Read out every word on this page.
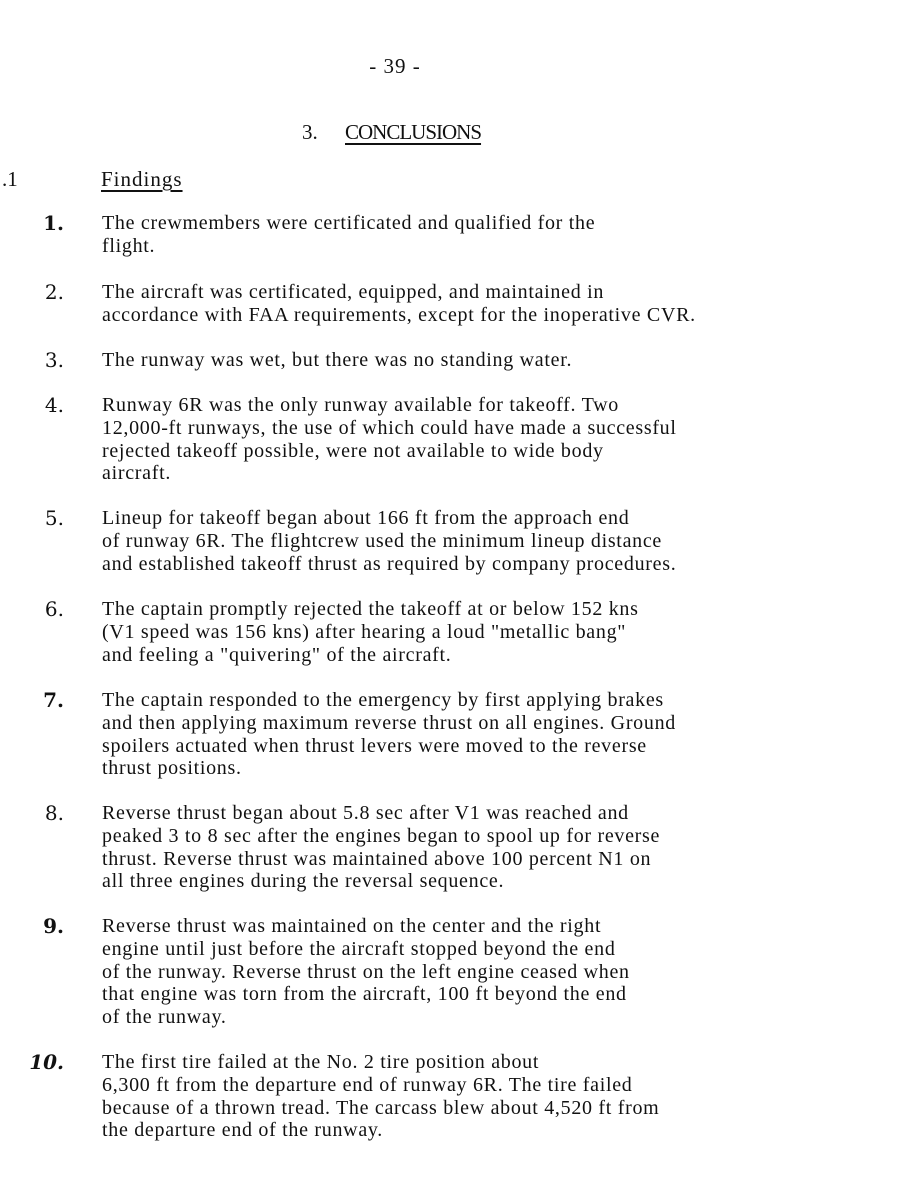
- 39 -
3. CONCLUSIONS
.1	Findings
1. The crewmembers were certificated and qualified for the
flight.
2. The aircraft was certificated, equipped, and maintained in
accordance with FAA requirements, except for the inoperative CVR.
3. The runway was wet, but there was no standing water.
4. Runway 6R was the only runway available for takeoff. Two
12,000-ft runways, the use of which could have made a successful
rejected takeoff possible, were not available to wide body
aircraft.
5. Lineup for takeoff began about 166 ft from the approach end
of runway 6R. The flightcrew used the minimum lineup distance
and established takeoff thrust as required by company procedures.
6. The captain promptly rejected the takeoff at or below 152 kns
(V1 speed was 156 kns) after hearing a loud "metallic bang"
and feeling a "quivering" of the aircraft.
7. The captain responded to the emergency by first applying brakes
and then applying maximum reverse thrust on all engines. Ground
spoilers actuated when thrust levers were moved to the reverse
thrust positions.
8. Reverse thrust began about 5.8 sec after V1 was reached and
peaked 3 to 8 sec after the engines began to spool up for reverse
thrust. Reverse thrust was maintained above 100 percent N1 on
all three engines during the reversal sequence.
9. Reverse thrust was maintained on the center and the right
engine until just before the aircraft stopped beyond the end
of the runway. Reverse thrust on the left engine ceased when
that engine was torn from the aircraft, 100 ft beyond the end
of the runway.
10. The first tire failed at the No. 2 tire position about
6,300 ft from the departure end of runway 6R. The tire failed
because of a thrown tread. The carcass blew about 4,520 ft from
the departure end of the runway.
